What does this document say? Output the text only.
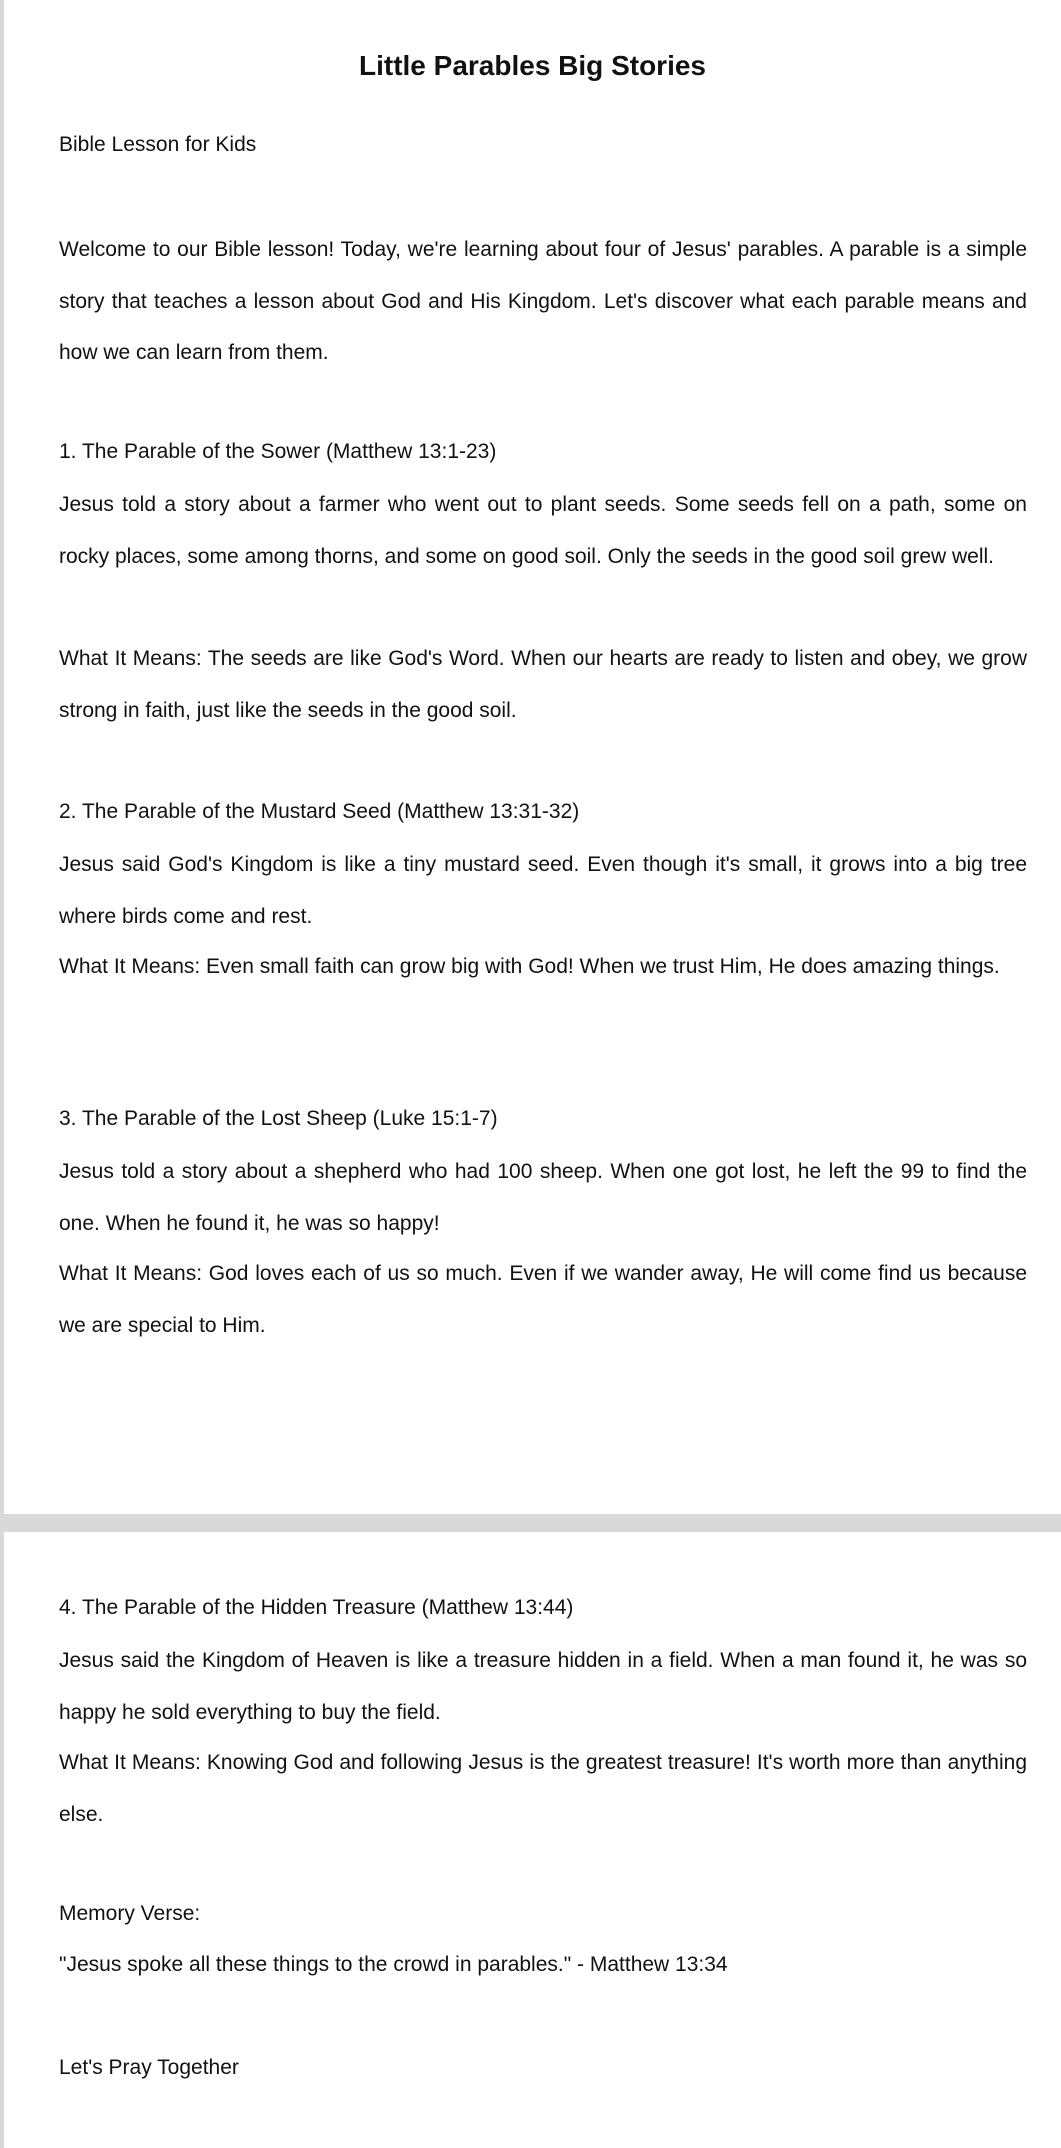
Little Parables Big Stories

Bible Lesson for Kids

Welcome to our Bible lesson! Today, we're learning about four of Jesus' parables. A parable is a simple story that teaches a lesson about God and His Kingdom. Let's discover what each parable means and how we can learn from them.

1. The Parable of the Sower (Matthew 13:1-23)

Jesus told a story about a farmer who went out to plant seeds. Some seeds fell on a path, some on rocky places, some among thorns, and some on good soil. Only the seeds in the good soil grew well.

What It Means: The seeds are like God's Word. When our hearts are ready to listen and obey, we grow strong in faith, just like the seeds in the good soil.

2. The Parable of the Mustard Seed (Matthew 13:31-32)

Jesus said God's Kingdom is like a tiny mustard seed. Even though it's small, it grows into a big tree where birds come and rest.

What It Means: Even small faith can grow big with God! When we trust Him, He does amazing things.

3. The Parable of the Lost Sheep (Luke 15:1-7)

Jesus told a story about a shepherd who had 100 sheep. When one got lost, he left the 99 to find the one. When he found it, he was so happy!

What It Means: God loves each of us so much. Even if we wander away, He will come find us because we are special to Him.

4. The Parable of the Hidden Treasure (Matthew 13:44)

Jesus said the Kingdom of Heaven is like a treasure hidden in a field. When a man found it, he was so happy he sold everything to buy the field.

What It Means: Knowing God and following Jesus is the greatest treasure! It's worth more than anything else.

Memory Verse:

"Jesus spoke all these things to the crowd in parables." - Matthew 13:34

Let's Pray Together
